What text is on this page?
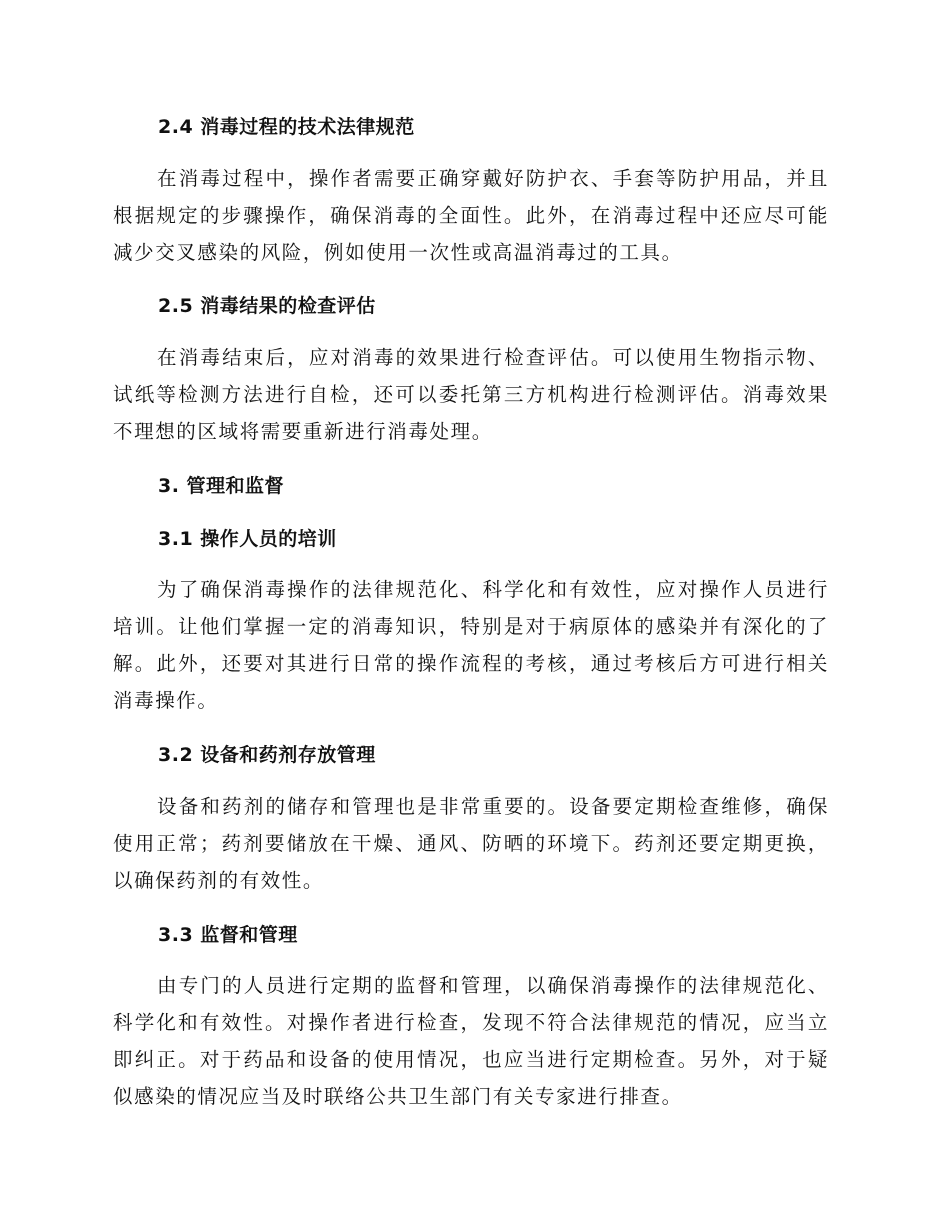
2.4 消毒过程的技术法律规范
在消毒过程中，操作者需要正确穿戴好防护衣、手套等防护用品，并且根据规定的步骤操作，确保消毒的全面性。此外，在消毒过程中还应尽可能减少交叉感染的风险，例如使用一次性或高温消毒过的工具。
2.5 消毒结果的检查评估
在消毒结束后，应对消毒的效果进行检查评估。可以使用生物指示物、试纸等检测方法进行自检，还可以委托第三方机构进行检测评估。消毒效果不理想的区域将需要重新进行消毒处理。
3. 管理和监督
3.1 操作人员的培训
为了确保消毒操作的法律规范化、科学化和有效性，应对操作人员进行培训。让他们掌握一定的消毒知识，特别是对于病原体的感染并有深化的了解。此外，还要对其进行日常的操作流程的考核，通过考核后方可进行相关消毒操作。
3.2 设备和药剂存放管理
设备和药剂的储存和管理也是非常重要的。设备要定期检查维修，确保使用正常；药剂要储放在干燥、通风、防晒的环境下。药剂还要定期更换，以确保药剂的有效性。
3.3 监督和管理
由专门的人员进行定期的监督和管理，以确保消毒操作的法律规范化、科学化和有效性。对操作者进行检查，发现不符合法律规范的情况，应当立即纠正。对于药品和设备的使用情况，也应当进行定期检查。另外，对于疑似感染的情况应当及时联络公共卫生部门有关专家进行排查。
